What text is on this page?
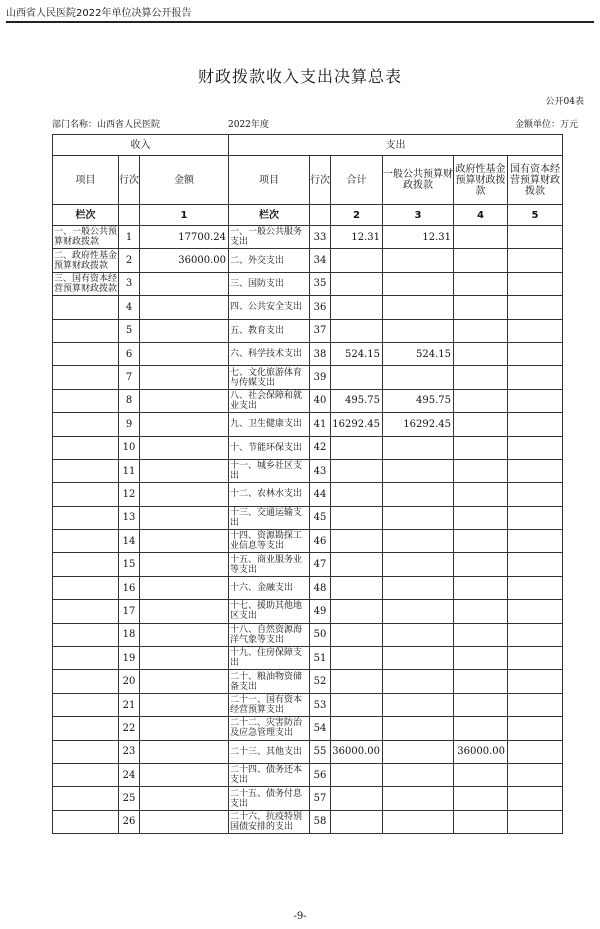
山西省人民医院2022年单位决算公开报告
财政拨款收入支出决算总表
公开04表
部门名称：山西省人民医院	2022年度	金额单位：万元
收入			支出					
项目	行次	金额	项目	行次	合计	一般公共预算财政拨款	政府性基金预算财政拨款	国有资本经营预算财政拨款
栏次		1	栏次		2	3	4	5
一、一般公共预算财政拨款	1	17700.24	一、一般公共服务支出	33	12.31	12.31		
二、政府性基金预算财政拨款	2	36000.00	二、外交支出	34				
三、国有资本经营预算财政拨款	3		三、国防支出	35				
	4		四、公共安全支出	36				
	5		五、教育支出	37				
	6		六、科学技术支出	38	524.15	524.15		
	7		七、文化旅游体育与传媒支出	39				
	8		八、社会保障和就业支出	40	495.75	495.75		
	9		九、卫生健康支出	41	16292.45	16292.45		
	10		十、节能环保支出	42				
	11		十一、城乡社区支出	43				
	12		十二、农林水支出	44				
	13		十三、交通运输支出	45				
	14		十四、资源勘探工业信息等支出	46				
	15		十五、商业服务业等支出	47				
	16		十六、金融支出	48				
	17		十七、援助其他地区支出	49				
	18		十八、自然资源海洋气象等支出	50				
	19		十九、住房保障支出	51				
	20		二十、粮油物资储备支出	52				
	21		二十一、国有资本经营预算支出	53				
	22		二十二、灾害防治及应急管理支出	54				
	23		二十三、其他支出	55	36000.00		36000.00	
	24		二十四、债务还本支出	56				
	25		二十五、债务付息支出	57				
	26		二十六、抗疫特别国债安排的支出	58				
-9-
